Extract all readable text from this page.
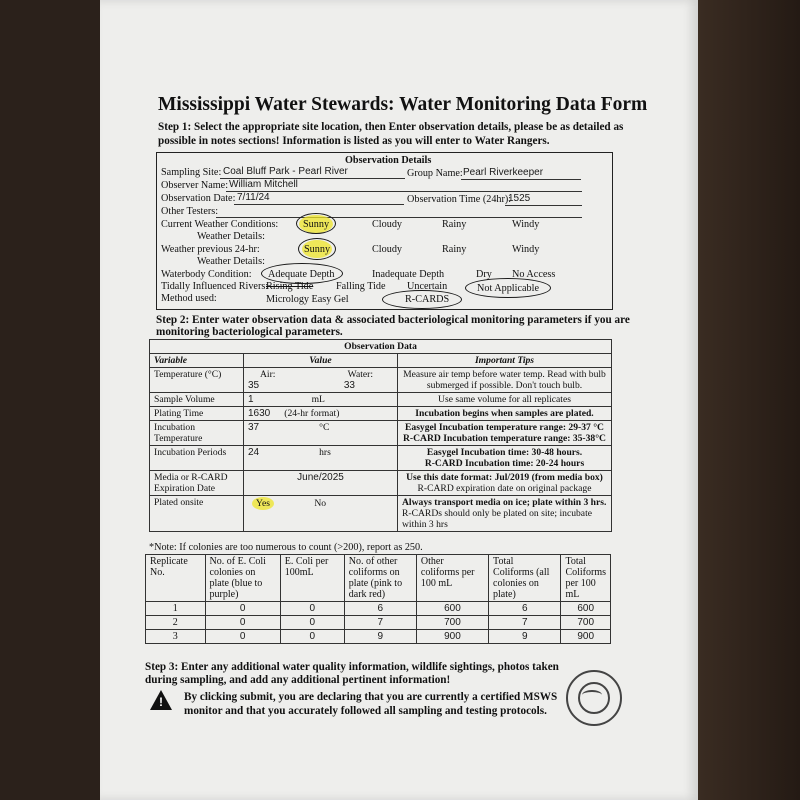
Mississippi Water Stewards: Water Monitoring Data Form
Step 1: Select the appropriate site location, then Enter observation details, please be as detailed as
possible in notes sections! Information is listed as you will enter to Water Rangers.
Observation Details
Sampling Site: Coal Bluff Park - Pearl River	Group Name: Pearl Riverkeeper
Observer Name: William Mitchell
Observation Date: 7/11/24	Observation Time (24hr):
1525
Other Testers:
Current Weather Conditions: Sunny	Cloudy	Rainy	Windy
Weather Details:
Weather previous 24-hr:	Sunny	Cloudy	Rainy	Windy
Weather Details:
Waterbody Condition: Adequate Depth	Inadequate Depth	Dry No Access
Tidally Influenced Rivers:
Rising Tide Falling Tide Uncertain	Not Applicable
Method used:	Micrology Easy Gel	R-CARDS
Step 2: Enter water observation data & associated bacteriological monitoring parameters if you are
monitoring bacteriological parameters.
Observation Data		
Variable	Value	Important Tips
Temperature (°C)	Air: Water:
35 33	Measure air temp before water temp. Read with bulb submerged if possible. Don't touch bulb.
Sample Volume	1 mL	Use same volume for all replicates
Plating Time	1630 (24-hr format)	Incubation begins when samples are plated.
Incubation Temperature	37 °C	Easygel Incubation temperature range: 29-37 °C
R-CARD Incubation temperature range: 35-38°C

Incubation Periods	24 hrs	Easygel Incubation time: 30-48 hours.
R-CARD Incubation time: 20-24 hours

Media or R-CARD Expiration Date	June/2025	Use this date format: Jul/2019 (from media box)
R-CARD expiration date on original package

Plated onsite	Yes No	Always transport media on ice; plate within 3 hrs.
R-CARDs should only be plated on site; incubate within 3 hrs
*Note: If colonies are too numerous to count (>200), report as 250.
Replicate No.	No. of E. Coli colonies on plate (blue to purple)	E. Coli per 100mL	No. of other coliforms on plate (pink to dark red)	Other coliforms per 100 mL	Total Coliforms (all colonies on plate)	Total Coliforms per 100 mL
1	0	0	6	600	6	600
2	0	0	7	700	7	700
3	0	0	9	900	9	900
Step 3: Enter any additional water quality information, wildlife sightings, photos taken
during sampling, and add any additional pertinent information!
! By clicking submit, you are declaring that you are currently a certified MSWS
monitor and that you accurately followed all sampling and testing protocols.
